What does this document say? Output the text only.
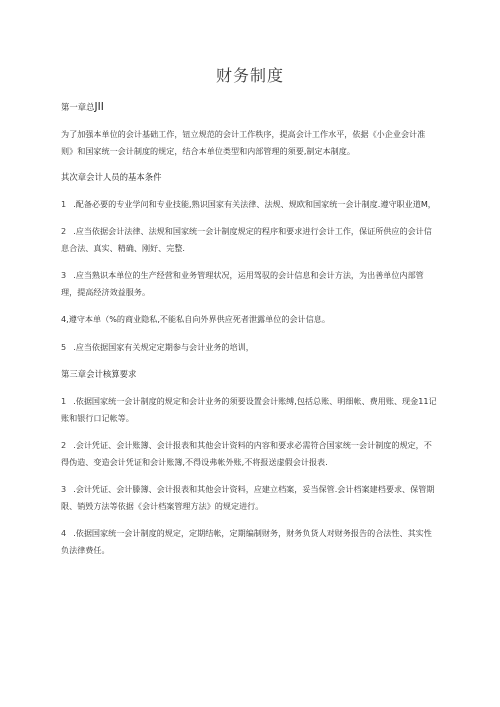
财务制度
第一章总JII
为了加强本单位的会计基础工作，钮立规范的会计工作秩序，提高会计工作水平，依据《小企业会计准则》和国家统一会计制度的规定，结合本单位类型和内部管理的须要,制定本制度。
其次章会计人员的基本条件
1 .配备必要的专业学问和专业技能,熟识国家有关法律、法规、规欧和国家统一会计制度.遵守职业道M，
2 .应当依据会计法律、法规和国家统一会计制度规定的程序和要求进行会计工作，保证所供应的会计信息合法、真实、精确、刚好、完整.
3 .应当熟识本单位的生产经营和业务管理状况，运用驾驭的会计信息和会计方法，为出善单位内部管理，提高经济效益服务。
4,遵守本单（%的商业隐私,不能私自向外界供应死者泄露单位的会计信息。
5 .应当依据国家有关规定定期参与会计业务的培训，
第三章会计核算要求
1 .依据国家统一会计制度的规定和会计业务的须要设置会计账缚,包括总账、明细帐、费用账、现金11记账和银行口记帐等。
2 .会计凭证、会计账簿、会计报表和其他会计资料的内容和要求必需符合国家统一会计制度的规定，不得伪造、变造会计凭证和会计账簿,不得设弗帐外账,不将报送虚假会计报表.
3 .会计凭证、会计滕簿、会计报表和其他会计资料，应建立档案，妥当保管.会计档案建档要求、保管期限、销毁方法等依据《会计档案管理方法》的规定进行。
4 .依据国家统一会计制度的规定，定期结帐，定期编制财务，财务负货人对财务报告的合法性、其实性负法律费任。
